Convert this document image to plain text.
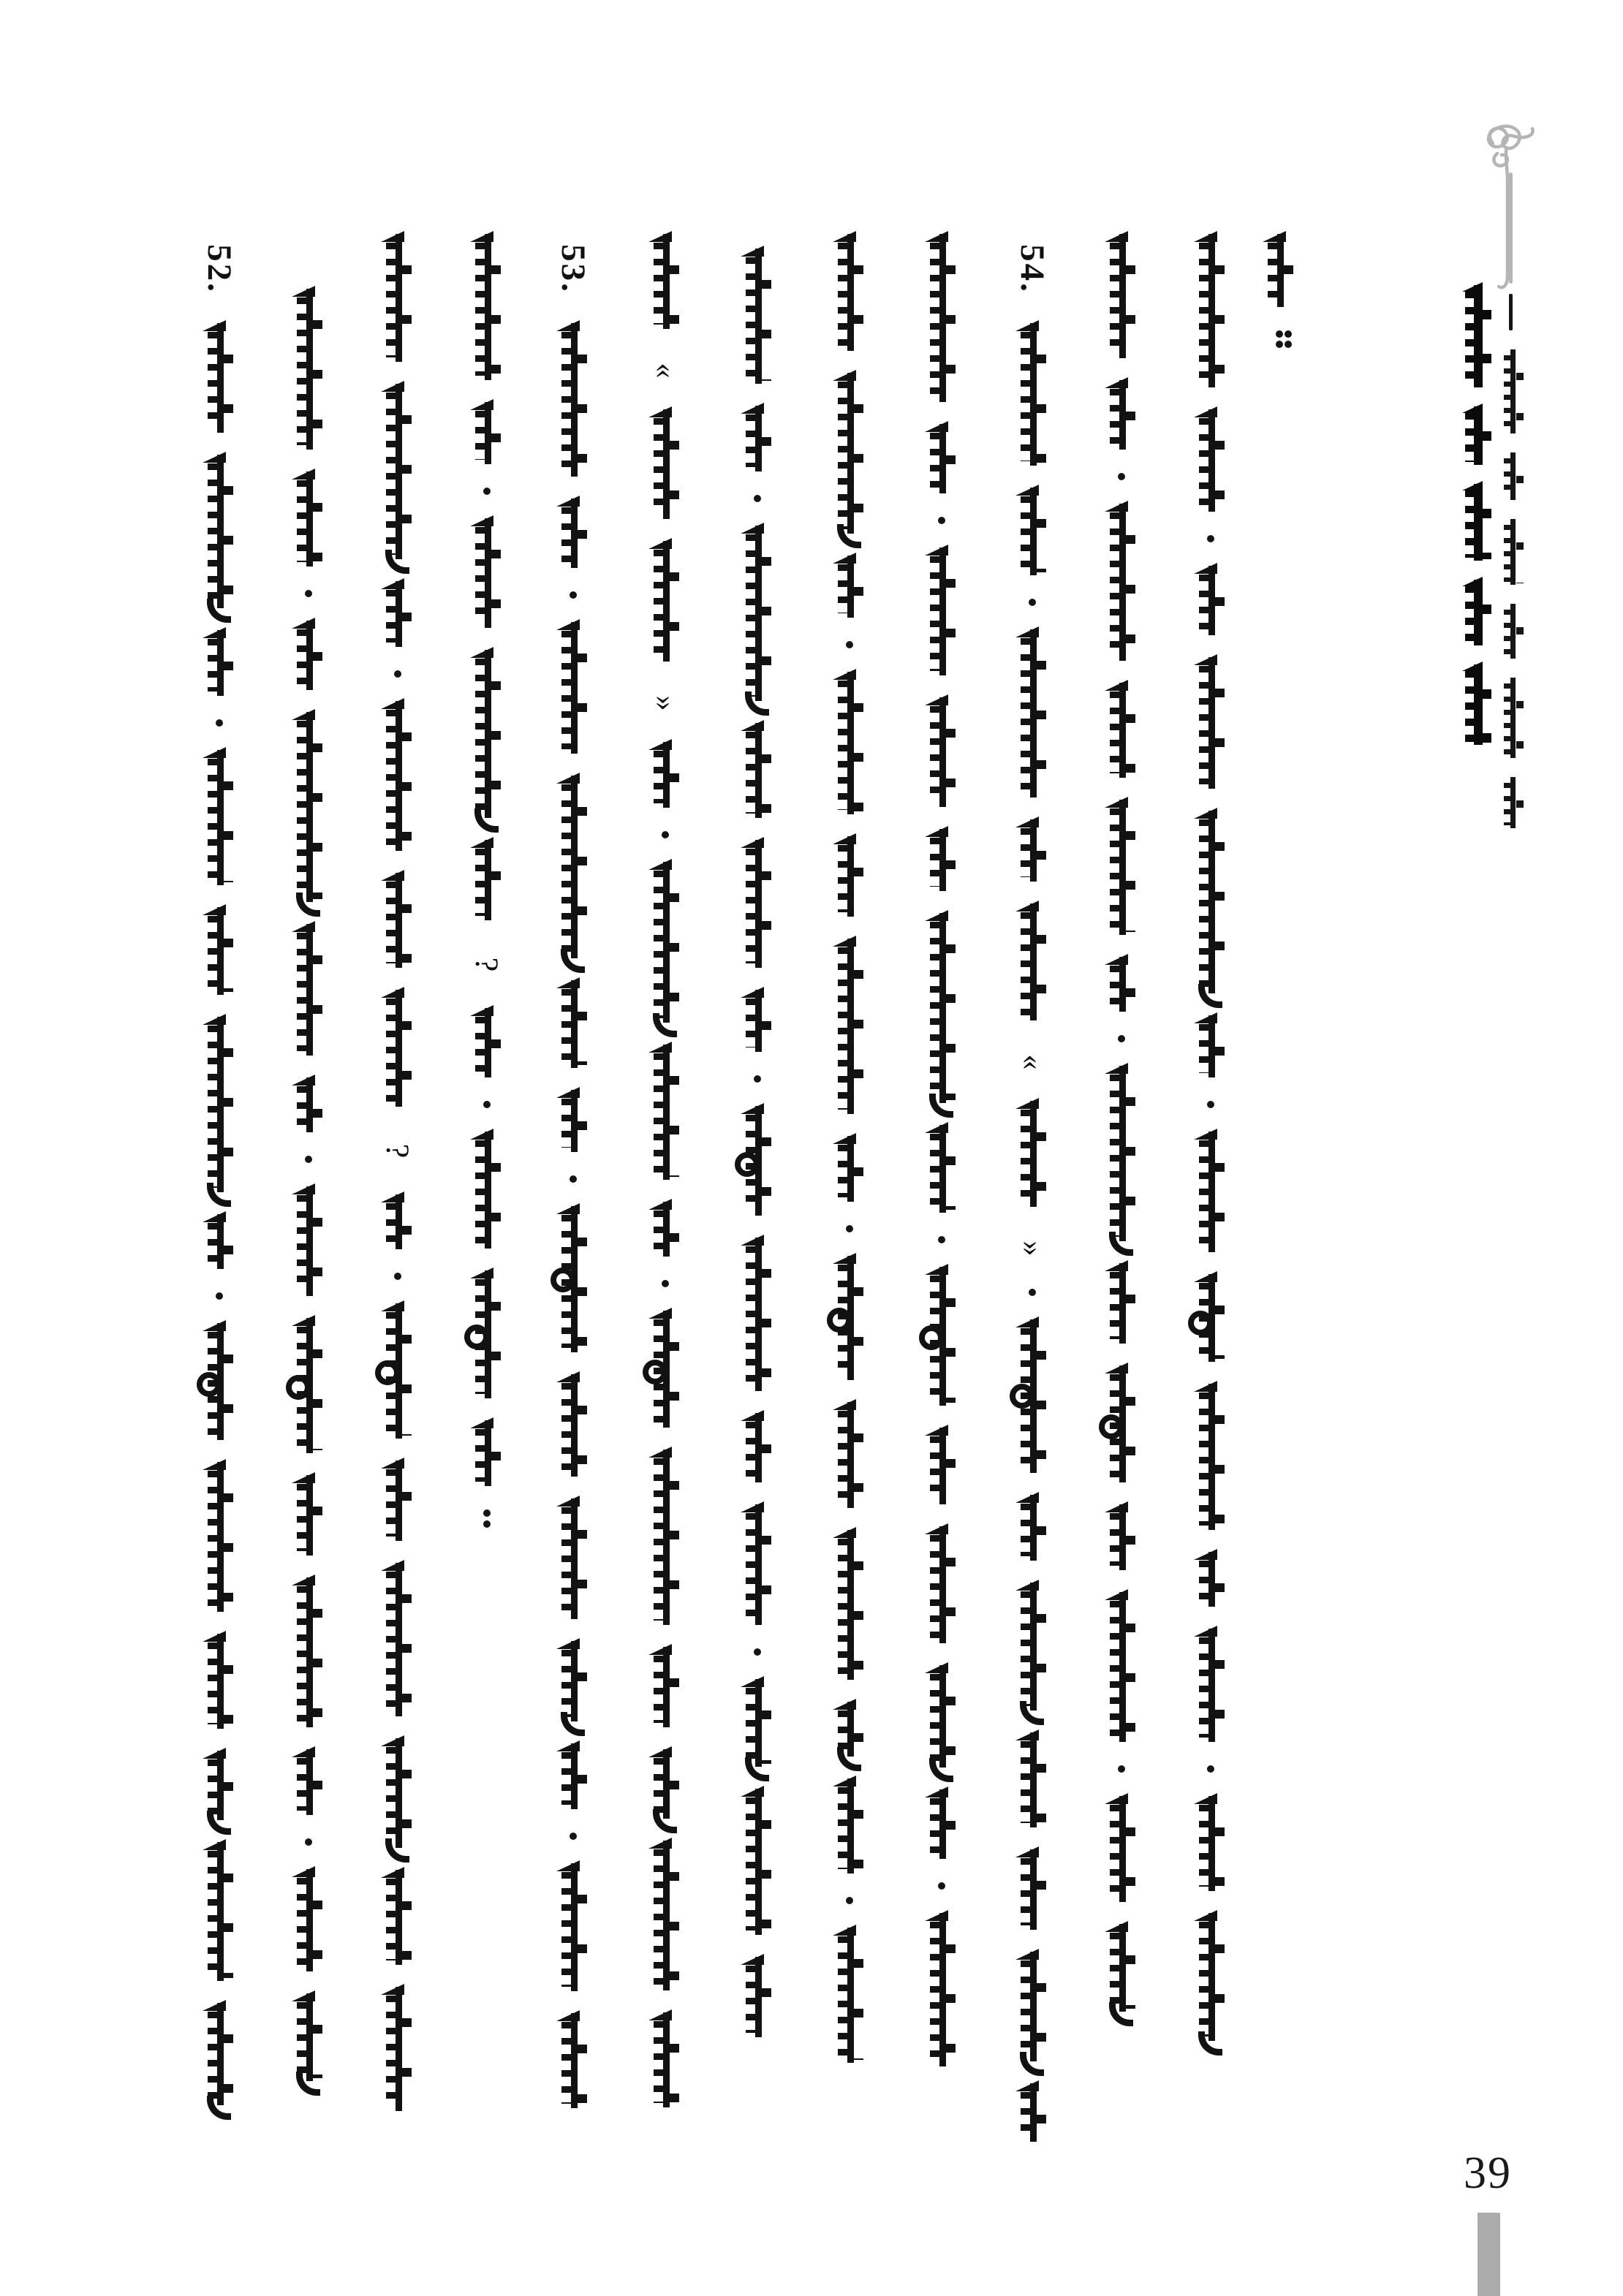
52.
?
?
53.
«
»
54.
«
»
39
